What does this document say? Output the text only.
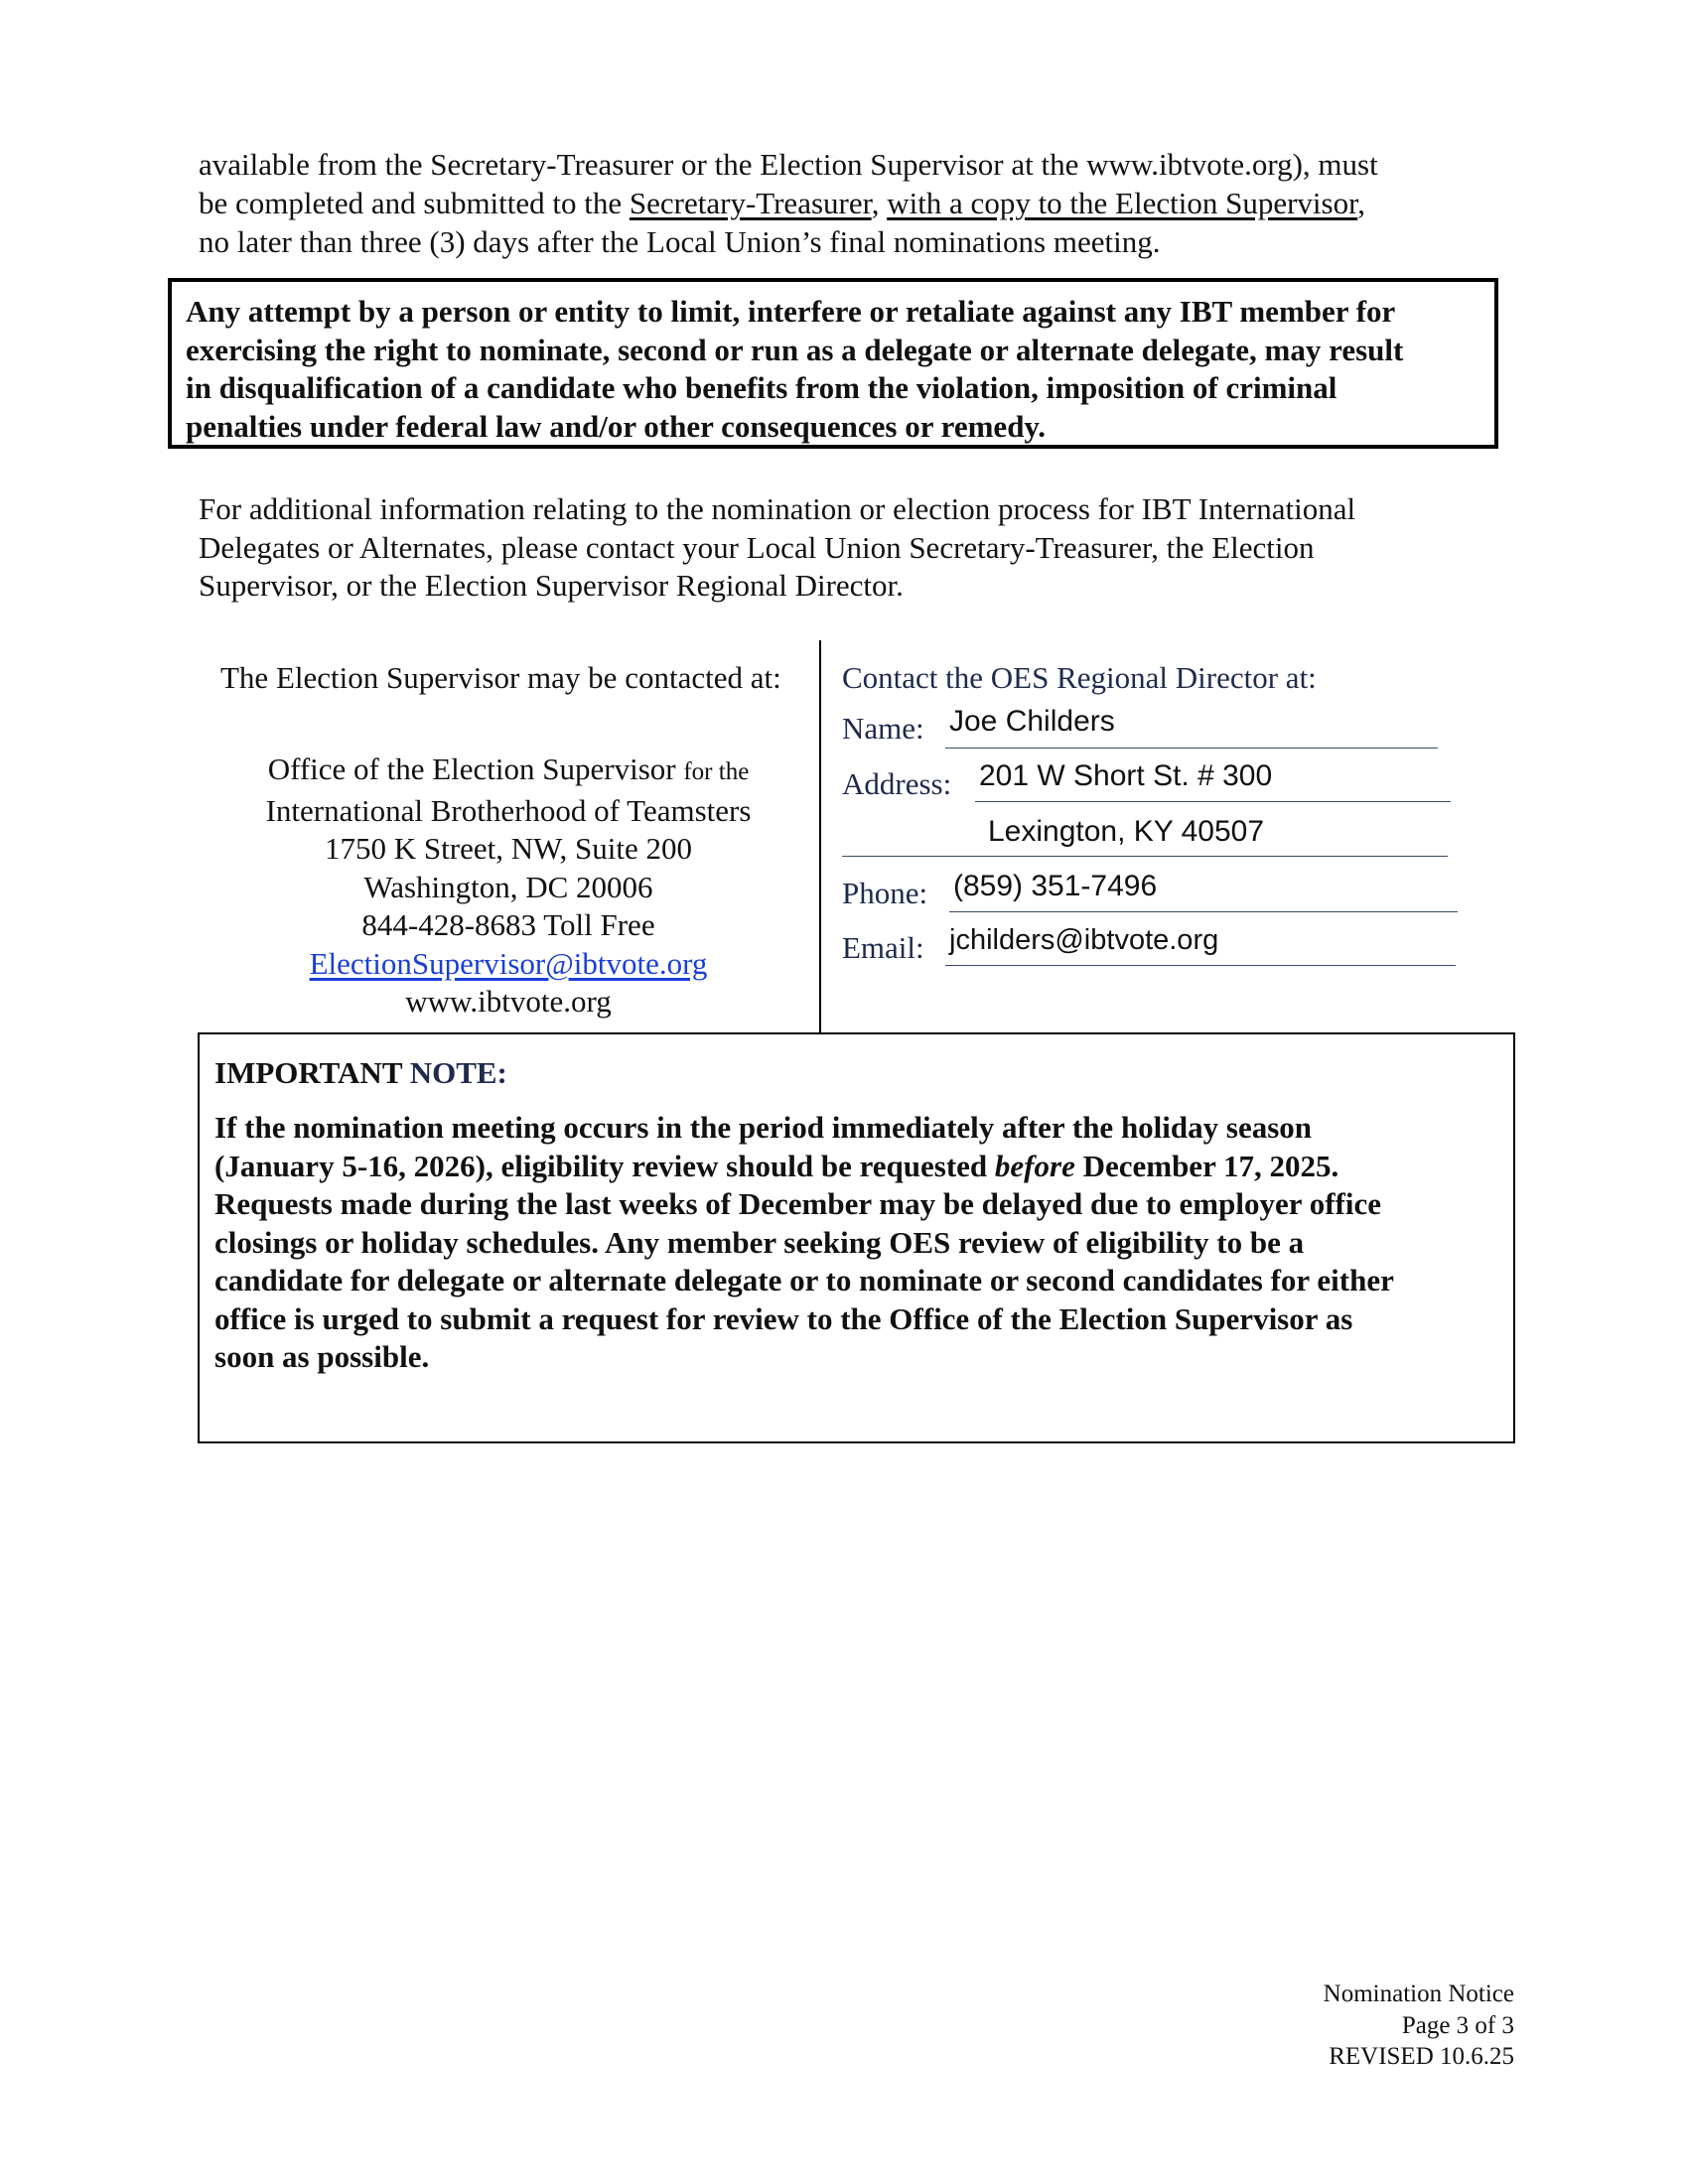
available from the Secretary-Treasurer or the Election Supervisor at the www.ibtvote.org), must
be completed and submitted to the Secretary-Treasurer, with a copy to the Election Supervisor,
no later than three (3) days after the Local Union’s final nominations meeting.
Any attempt by a person or entity to limit, interfere or retaliate against any IBT member for
exercising the right to nominate, second or run as a delegate or alternate delegate, may result
in disqualification of a candidate who benefits from the violation, imposition of criminal
penalties under federal law and/or other consequences or remedy.
For additional information relating to the nomination or election process for IBT International
Delegates or Alternates, please contact your Local Union Secretary-Treasurer, the Election
Supervisor, or the Election Supervisor Regional Director.
The Election Supervisor may be contacted at:
Office of the Election Supervisor for the
International Brotherhood of Teamsters
1750 K Street, NW, Suite 200
Washington, DC 20006
844-428-8683 Toll Free
ElectionSupervisor@ibtvote.org
www.ibtvote.org
Contact the OES Regional Director at:
Name: Joe Childers
Address: 201 W Short St. # 300
Lexington, KY 40507
Phone: (859) 351-7496
Email: jchilders@ibtvote.org
IMPORTANT NOTE:
If the nomination meeting occurs in the period immediately after the holiday season
(January 5-16, 2026), eligibility review should be requested before December 17, 2025.
Requests made during the last weeks of December may be delayed due to employer office
closings or holiday schedules. Any member seeking OES review of eligibility to be a
candidate for delegate or alternate delegate or to nominate or second candidates for either
office is urged to submit a request for review to the Office of the Election Supervisor as
soon as possible.
Nomination Notice
Page 3 of 3
REVISED 10.6.25
